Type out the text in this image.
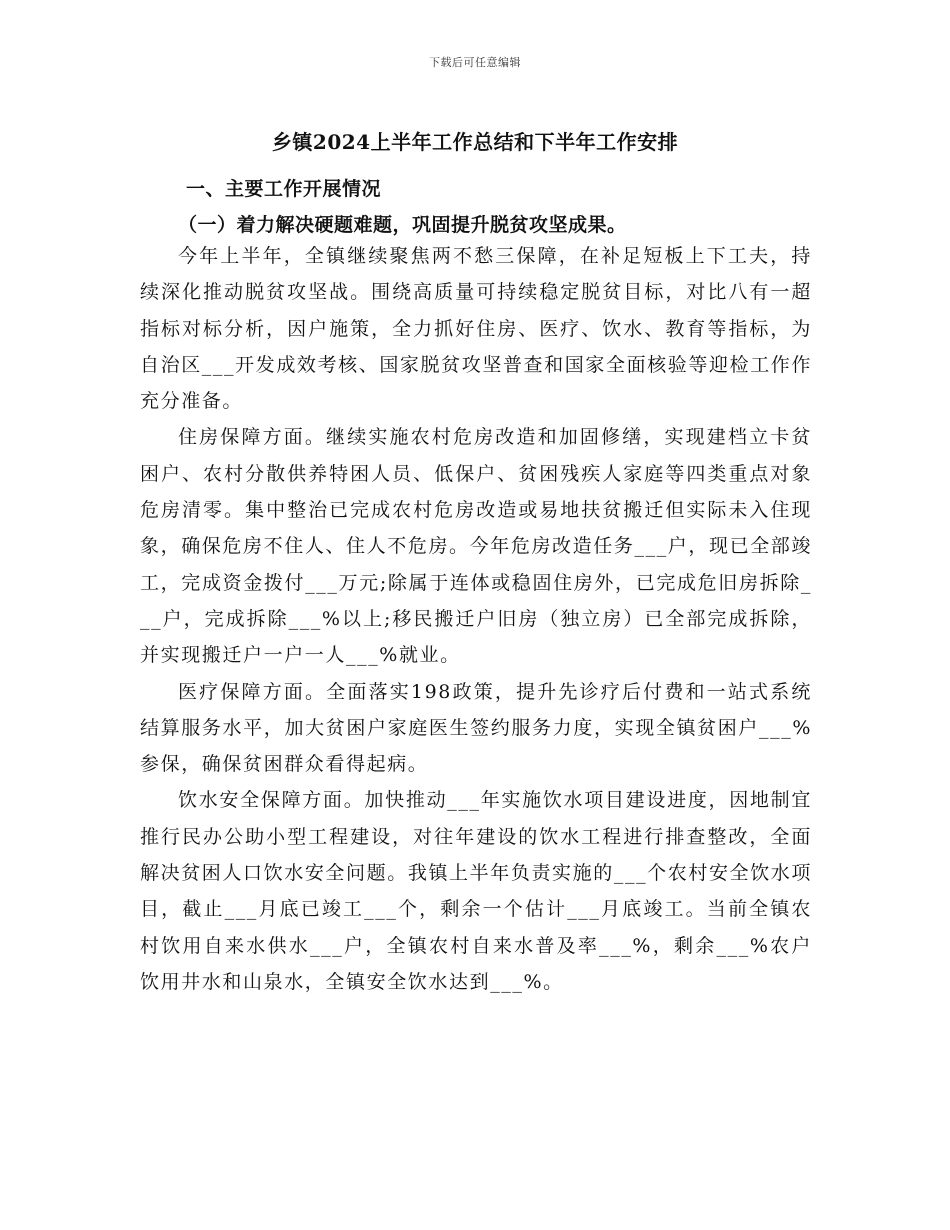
下载后可任意编辑
乡镇2024上半年工作总结和下半年工作安排
一、主要工作开展情况
（一）着力解决硬题难题，巩固提升脱贫攻坚成果。

今年上半年，全镇继续聚焦两不愁三保障，在补足短板上下工夫，持续深化推动脱贫攻坚战。围绕高质量可持续稳定脱贫目标，对比八有一超指标对标分析，因户施策，全力抓好住房、医疗、饮水、教育等指标，为自治区___开发成效考核、国家脱贫攻坚普查和国家全面核验等迎检工作作充分准备。

住房保障方面。继续实施农村危房改造和加固修缮，实现建档立卡贫困户、农村分散供养特困人员、低保户、贫困残疾人家庭等四类重点对象危房清零。集中整治已完成农村危房改造或易地扶贫搬迁但实际未入住现象，确保危房不住人、住人不危房。今年危房改造任务___户，现已全部竣工，完成资金拨付___万元;除属于连体或稳固住房外，已完成危旧房拆除___户，完成拆除___%以上;移民搬迁户旧房（独立房）已全部完成拆除，并实现搬迁户一户一人___%就业。

医疗保障方面。全面落实198政策，提升先诊疗后付费和一站式系统结算服务水平，加大贫困户家庭医生签约服务力度，实现全镇贫困户___%参保，确保贫困群众看得起病。

饮水安全保障方面。加快推动___年实施饮水项目建设进度，因地制宜推行民办公助小型工程建设，对往年建设的饮水工程进行排查整改，全面解决贫困人口饮水安全问题。我镇上半年负责实施的___个农村安全饮水项目，截止___月底已竣工___个，剩余一个估计___月底竣工。当前全镇农村饮用自来水供水___户，全镇农村自来水普及率___%，剩余___%农户饮用井水和山泉水，全镇安全饮水达到___%。
